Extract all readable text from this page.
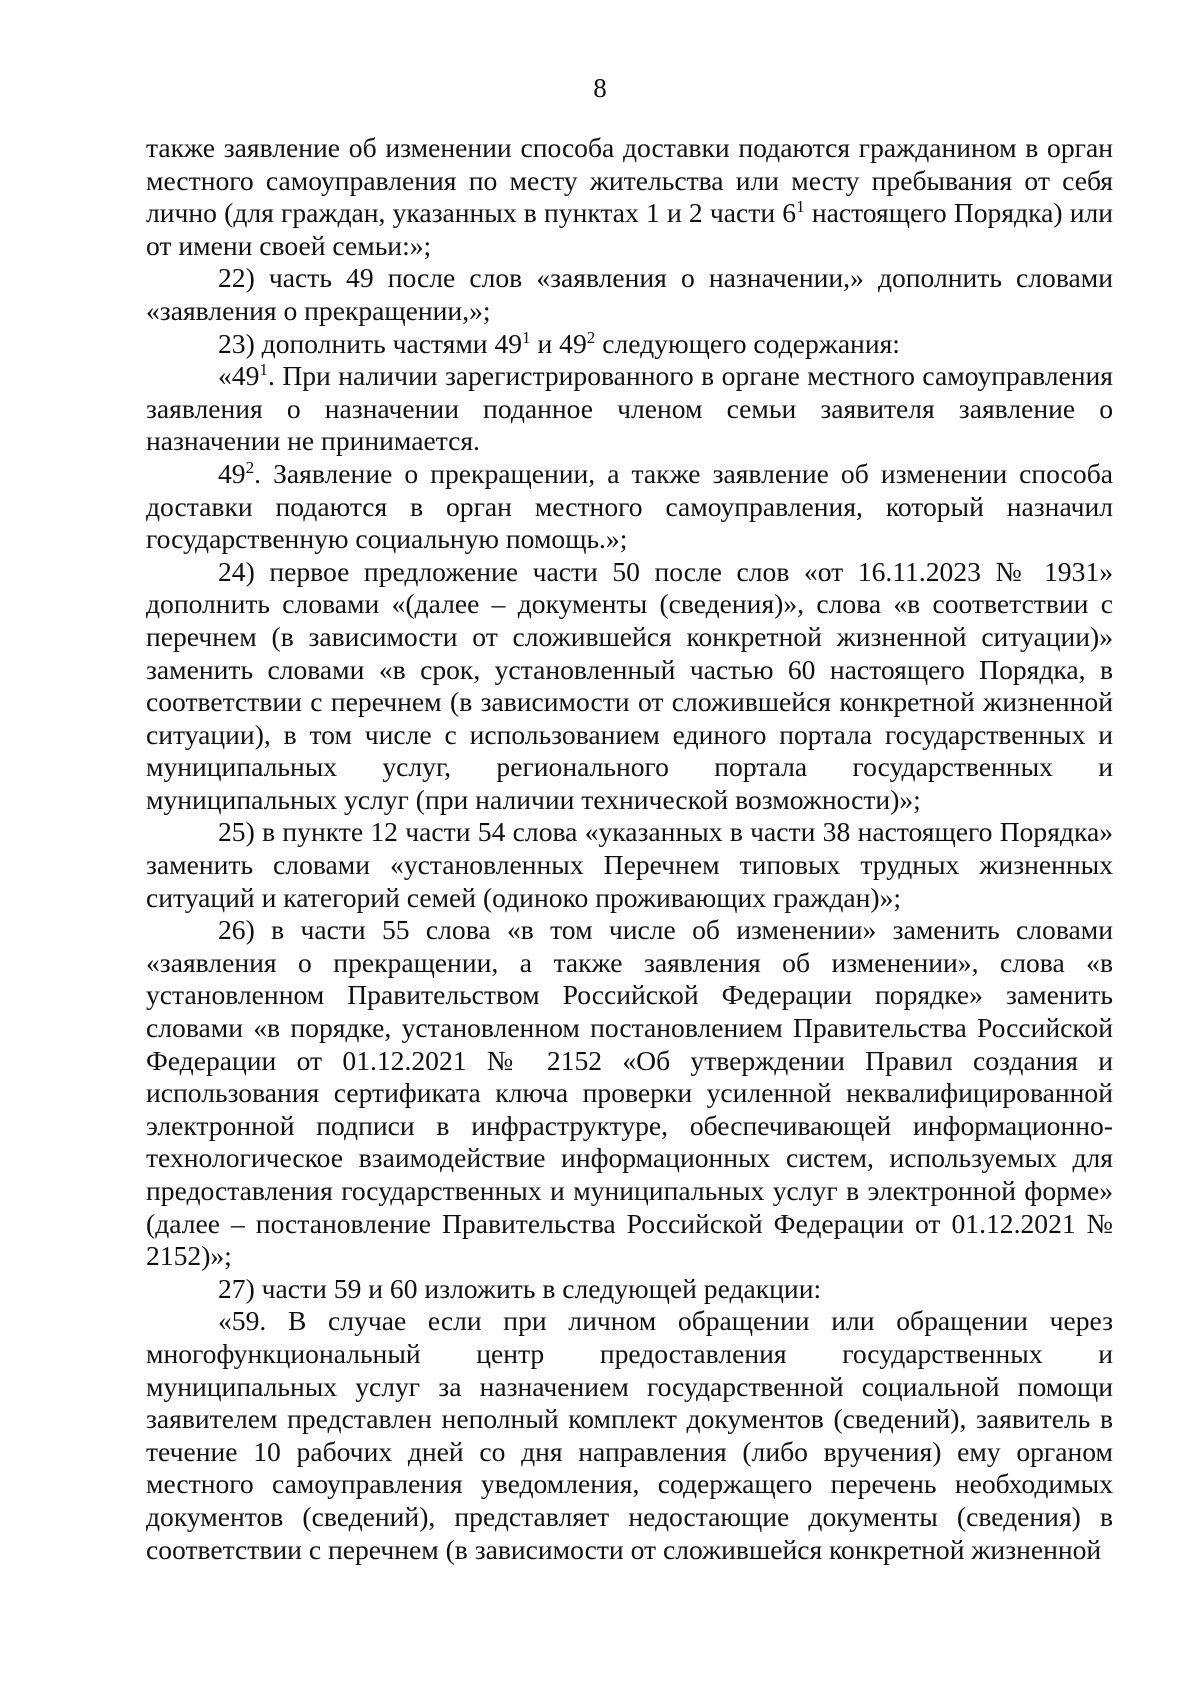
8

также заявление об изменении способа доставки подаются гражданином в орган местного самоуправления по месту жительства или месту пребывания от себя лично (для граждан, указанных в пунктах 1 и 2 части $6^1$ настоящего Порядка) или от имени своей семьи:»;

22) часть 49 после слов «заявления о назначении,» дополнить словами «заявления о прекращении,»;

23) дополнить частями $49^1$ и $49^2$ следующего содержания:

«$49^1$. При наличии зарегистрированного в органе местного самоуправления заявления о назначении поданное членом семьи заявителя заявление о назначении не принимается.

$49^2$. Заявление о прекращении, а также заявление об изменении способа доставки подаются в орган местного самоуправления, который назначил государственную социальную помощь.»;

24) первое предложение части 50 после слов «от 16.11.2023 № 1931» дополнить словами «(далее – документы (сведения)», слова «в соответствии с перечнем (в зависимости от сложившейся конкретной жизненной ситуации)» заменить словами «в срок, установленный частью 60 настоящего Порядка, в соответствии с перечнем (в зависимости от сложившейся конкретной жизненной ситуации), в том числе с использованием единого портала государственных и муниципальных услуг, регионального портала государственных и муниципальных услуг (при наличии технической возможности)»;

25) в пункте 12 части 54 слова «указанных в части 38 настоящего Порядка» заменить словами «установленных Перечнем типовых трудных жизненных ситуаций и категорий семей (одиноко проживающих граждан)»;

26) в части 55 слова «в том числе об изменении» заменить словами «заявления о прекращении, а также заявления об изменении», слова «в установленном Правительством Российской Федерации порядке» заменить словами «в порядке, установленном постановлением Правительства Российской Федерации от 01.12.2021 № 2152 «Об утверждении Правил создания и использования сертификата ключа проверки усиленной неквалифицированной электронной подписи в инфраструктуре, обеспечивающей информационно-технологическое взаимодействие информационных систем, используемых для предоставления государственных и муниципальных услуг в электронной форме» (далее – постановление Правительства Российской Федерации от 01.12.2021 № 2152)»;

27) части 59 и 60 изложить в следующей редакции:

«59. В случае если при личном обращении или обращении через многофункциональный центр предоставления государственных и муниципальных услуг за назначением государственной социальной помощи заявителем представлен неполный комплект документов (сведений), заявитель в течение 10 рабочих дней со дня направления (либо вручения) ему органом местного самоуправления уведомления, содержащего перечень необходимых документов (сведений), представляет недостающие документы (сведения) в соответствии с перечнем (в зависимости от сложившейся конкретной жизненной
